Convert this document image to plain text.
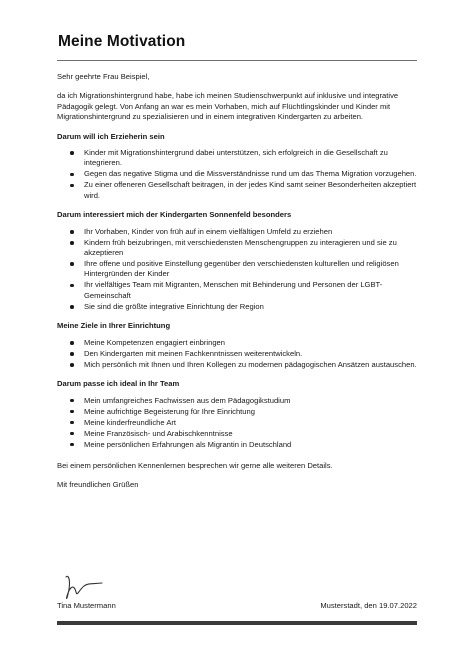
Meine Motivation

Sehr geehrte Frau Beispiel,

da ich Migrationshintergrund habe, habe ich meinen Studienschwerpunkt auf inklusive und integrative Pädagogik gelegt. Von Anfang an war es mein Vorhaben, mich auf Flüchtlingskinder und Kinder mit Migrationshintergrund zu spezialisieren und in einem integrativen Kindergarten zu arbeiten.

Darum will ich Erzieherin sein
Kinder mit Migrationshintergrund dabei unterstützen, sich erfolgreich in die Gesellschaft zu integrieren.
Gegen das negative Stigma und die Missverständnisse rund um das Thema Migration vorzugehen.
Zu einer offeneren Gesellschaft beitragen, in der jedes Kind samt seiner Besonderheiten akzeptiert wird.
Darum interessiert mich der Kindergarten Sonnenfeld besonders
Ihr Vorhaben, Kinder von früh auf in einem vielfältigen Umfeld zu erziehen
Kindern früh beizubringen, mit verschiedensten Menschengruppen zu interagieren und sie zu akzeptieren
Ihre offene und positive Einstellung gegenüber den verschiedensten kulturellen und religiösen Hintergründen der Kinder
Ihr vielfältiges Team mit Migranten, Menschen mit Behinderung und Personen der LGBT-Gemeinschaft
Sie sind die größte integrative Einrichtung der Region
Meine Ziele in Ihrer Einrichtung
Meine Kompetenzen engagiert einbringen
Den Kindergarten mit meinen Fachkenntnissen weiterentwickeln.
Mich persönlich mit Ihnen und Ihren Kollegen zu modernen pädagogischen Ansätzen austauschen.
Darum passe ich ideal in Ihr Team
Mein umfangreiches Fachwissen aus dem Pädagogikstudium
Meine aufrichtige Begeisterung für Ihre Einrichtung
Meine kinderfreundliche Art
Meine Französisch- und Arabischkenntnisse
Meine persönlichen Erfahrungen als Migrantin in Deutschland

Bei einem persönlichen Kennenlernen besprechen wir gerne alle weiteren Details.

Mit freundlichen Grüßen

Tina Mustermann	Musterstadt, den 19.07.2022
